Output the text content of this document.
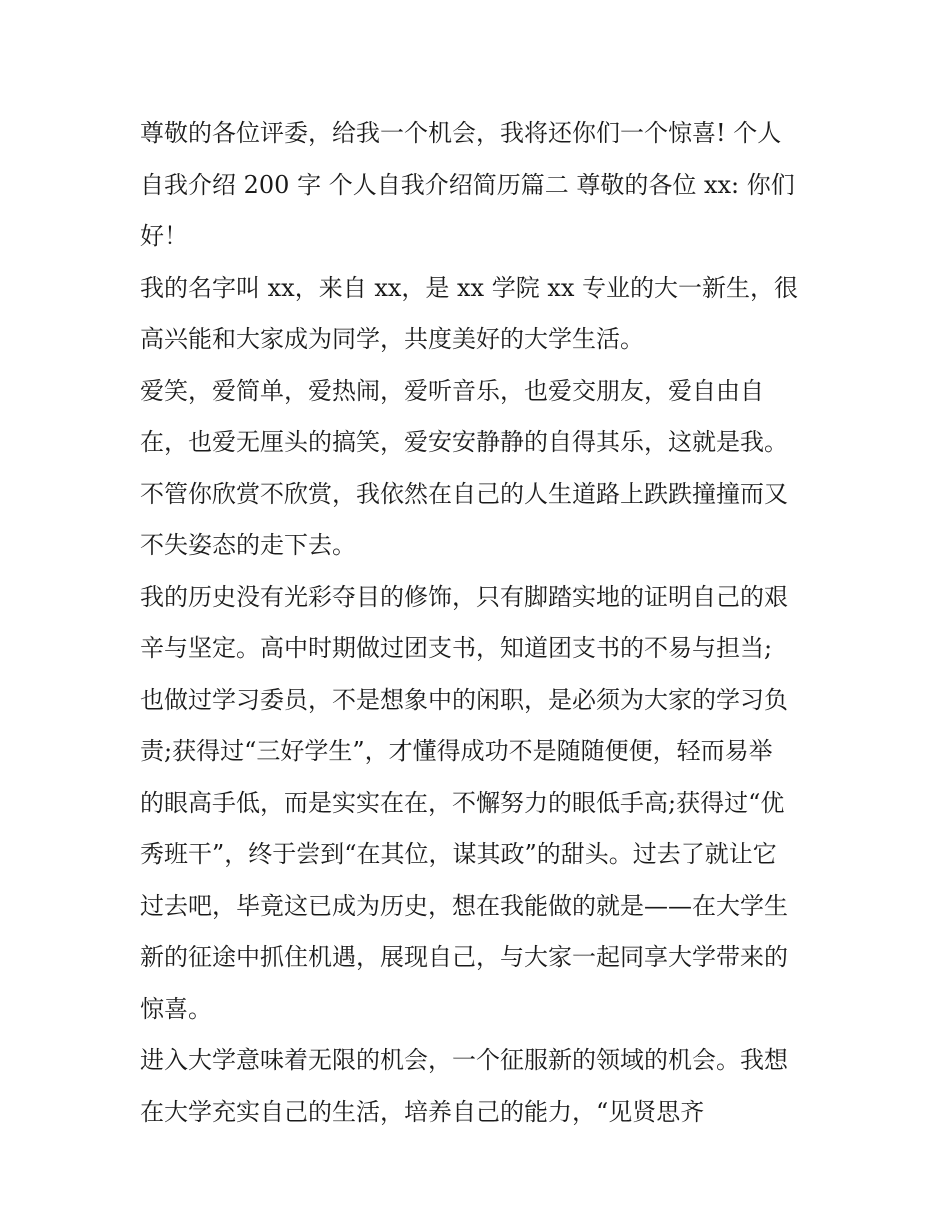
尊敬的各位评委，给我一个机会，我将还你们一个惊喜! 个人
自我介绍 200 字 个人自我介绍简历篇二 尊敬的各位 xx: 你们
好！
我的名字叫 xx，来自 xx，是 xx 学院 xx 专业的大一新生，很
高兴能和大家成为同学，共度美好的大学生活。
爱笑，爱简单，爱热闹，爱听音乐，也爱交朋友，爱自由自
在，也爱无厘头的搞笑，爱安安静静的自得其乐，这就是我。
不管你欣赏不欣赏，我依然在自己的人生道路上跌跌撞撞而又
不失姿态的走下去。
我的历史没有光彩夺目的修饰，只有脚踏实地的证明自己的艰
辛与坚定。高中时期做过团支书，知道团支书的不易与担当;
也做过学习委员，不是想象中的闲职，是必须为大家的学习负
责;获得过“三好学生”，才懂得成功不是随随便便，轻而易举
的眼高手低，而是实实在在，不懈努力的眼低手高;获得过“优
秀班干”，终于尝到“在其位，谋其政”的甜头。过去了就让它
过去吧，毕竟这已成为历史，想在我能做的就是——在大学生
新的征途中抓住机遇，展现自己，与大家一起同享大学带来的
惊喜。
进入大学意味着无限的机会，一个征服新的领域的机会。我想
在大学充实自己的生活，培养自己的能力，“见贤思齐
